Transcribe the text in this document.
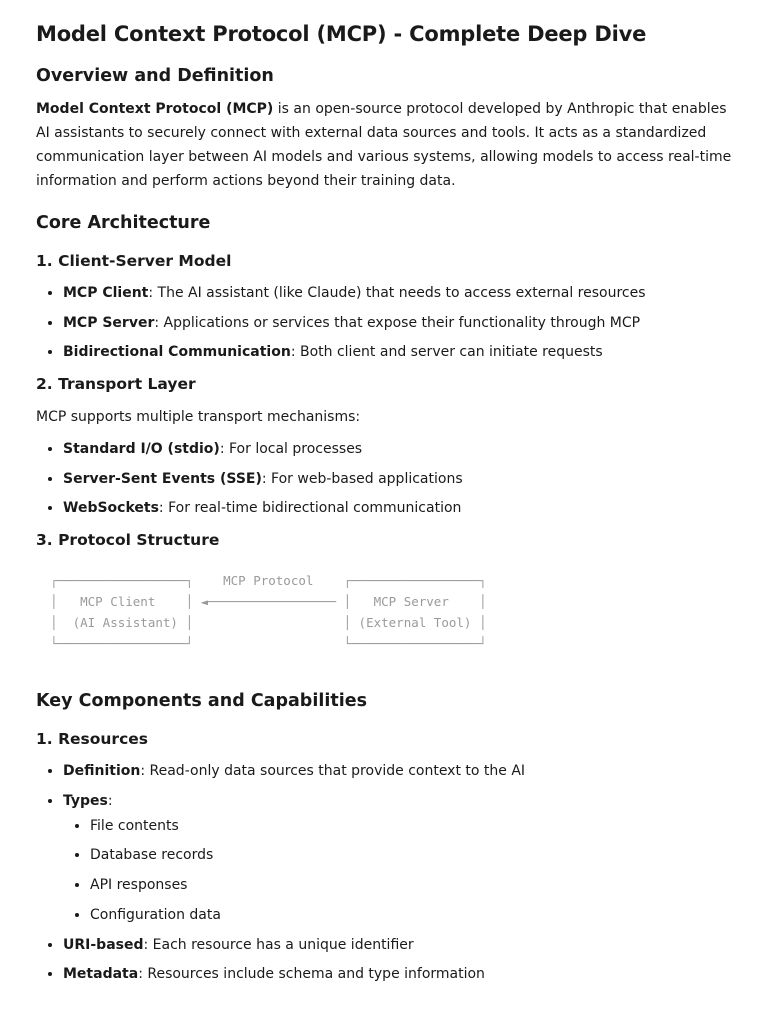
Model Context Protocol (MCP) - Complete Deep Dive
Overview and Definition

Model Context Protocol (MCP) is an open-source protocol developed by Anthropic that enables AI assistants to securely connect with external data sources and tools. It acts as a standardized communication layer between AI models and various systems, allowing models to access real-time information and perform actions beyond their training data.

Core Architecture
1. Client-Server Model
• MCP Client: The AI assistant (like Claude) that needs to access external resources
• MCP Server: Applications or services that expose their functionality through MCP
• Bidirectional Communication: Both client and server can initiate requests
2. Transport Layer

MCP supports multiple transport mechanisms:

• Standard I/O (stdio): For local processes
• Server-Sent Events (SSE): For web-based applications
• WebSockets: For real-time bidirectional communication
3. Protocol Structure
┌─────────────────┐    MCP Protocol    ┌─────────────────┐
│   MCP Client    │ ◄───────────────── │   MCP Server    │
│  (AI Assistant) │                    │ (External Tool) │
└─────────────────┘                    └─────────────────┘
Key Components and Capabilities
1. Resources
• Definition: Read-only data sources that provide context to the AI
• Types:
• File contents
• Database records
• API responses
• Configuration data
• URI-based: Each resource has a unique identifier
• Metadata: Resources include schema and type information
